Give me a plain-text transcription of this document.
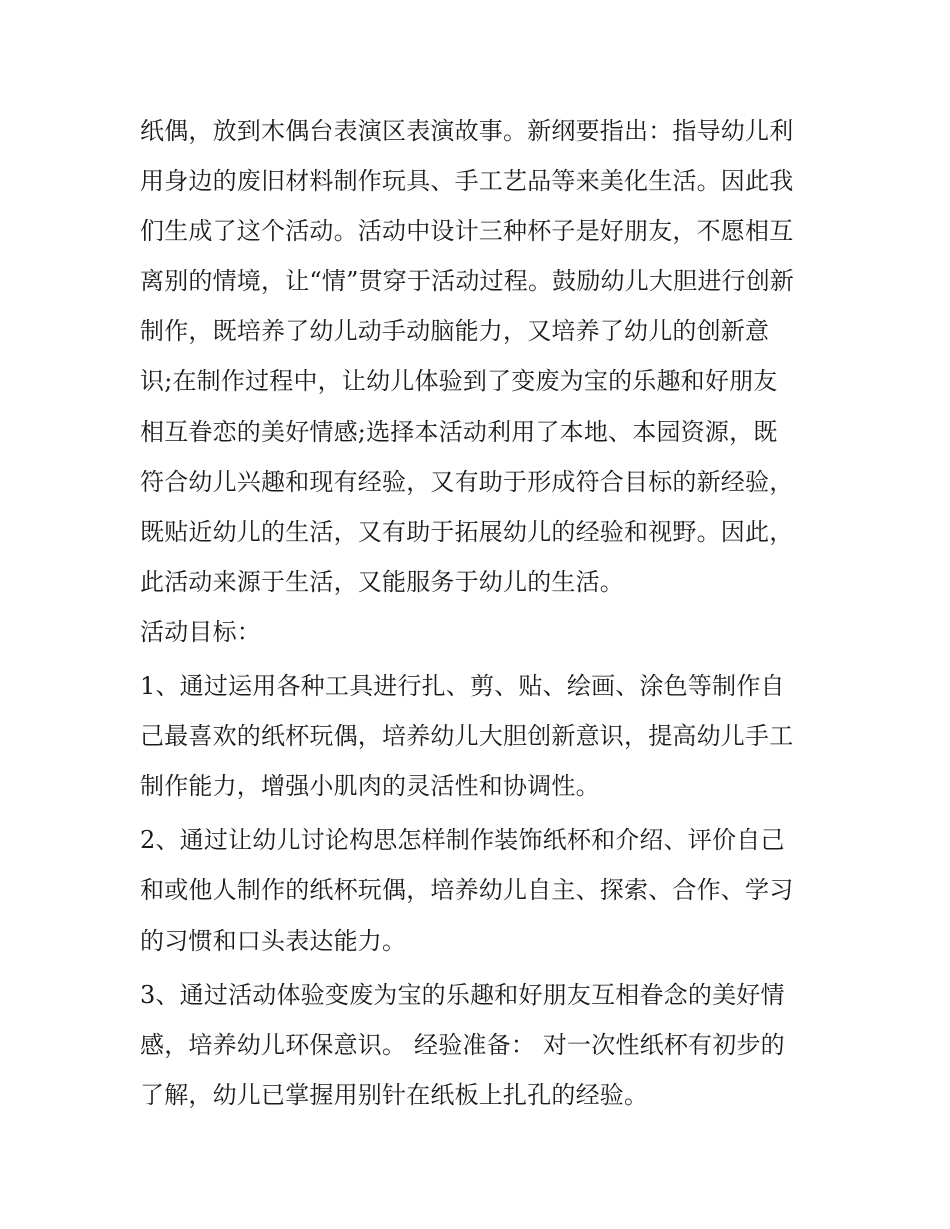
纸偶，放到木偶台表演区表演故事。新纲要指出：指导幼儿利
用身边的废旧材料制作玩具、手工艺品等来美化生活。因此我
们生成了这个活动。活动中设计三种杯子是好朋友，不愿相互
离别的情境，让“情”贯穿于活动过程。鼓励幼儿大胆进行创新
制作，既培养了幼儿动手动脑能力，又培养了幼儿的创新意
识;在制作过程中，让幼儿体验到了变废为宝的乐趣和好朋友
相互眷恋的美好情感;选择本活动利用了本地、本园资源，既
符合幼儿兴趣和现有经验，又有助于形成符合目标的新经验，
既贴近幼儿的生活，又有助于拓展幼儿的经验和视野。因此，
此活动来源于生活，又能服务于幼儿的生活。
活动目标：
1、通过运用各种工具进行扎、剪、贴、绘画、涂色等制作自
己最喜欢的纸杯玩偶，培养幼儿大胆创新意识，提高幼儿手工
制作能力，增强小肌肉的灵活性和协调性。
2、通过让幼儿讨论构思怎样制作装饰纸杯和介绍、评价自己
和或他人制作的纸杯玩偶，培养幼儿自主、探索、合作、学习
的习惯和口头表达能力。
3、通过活动体验变废为宝的乐趣和好朋友互相眷念的美好情
感，培养幼儿环保意识。 经验准备： 对一次性纸杯有初步的
了解，幼儿已掌握用别针在纸板上扎孔的经验。
